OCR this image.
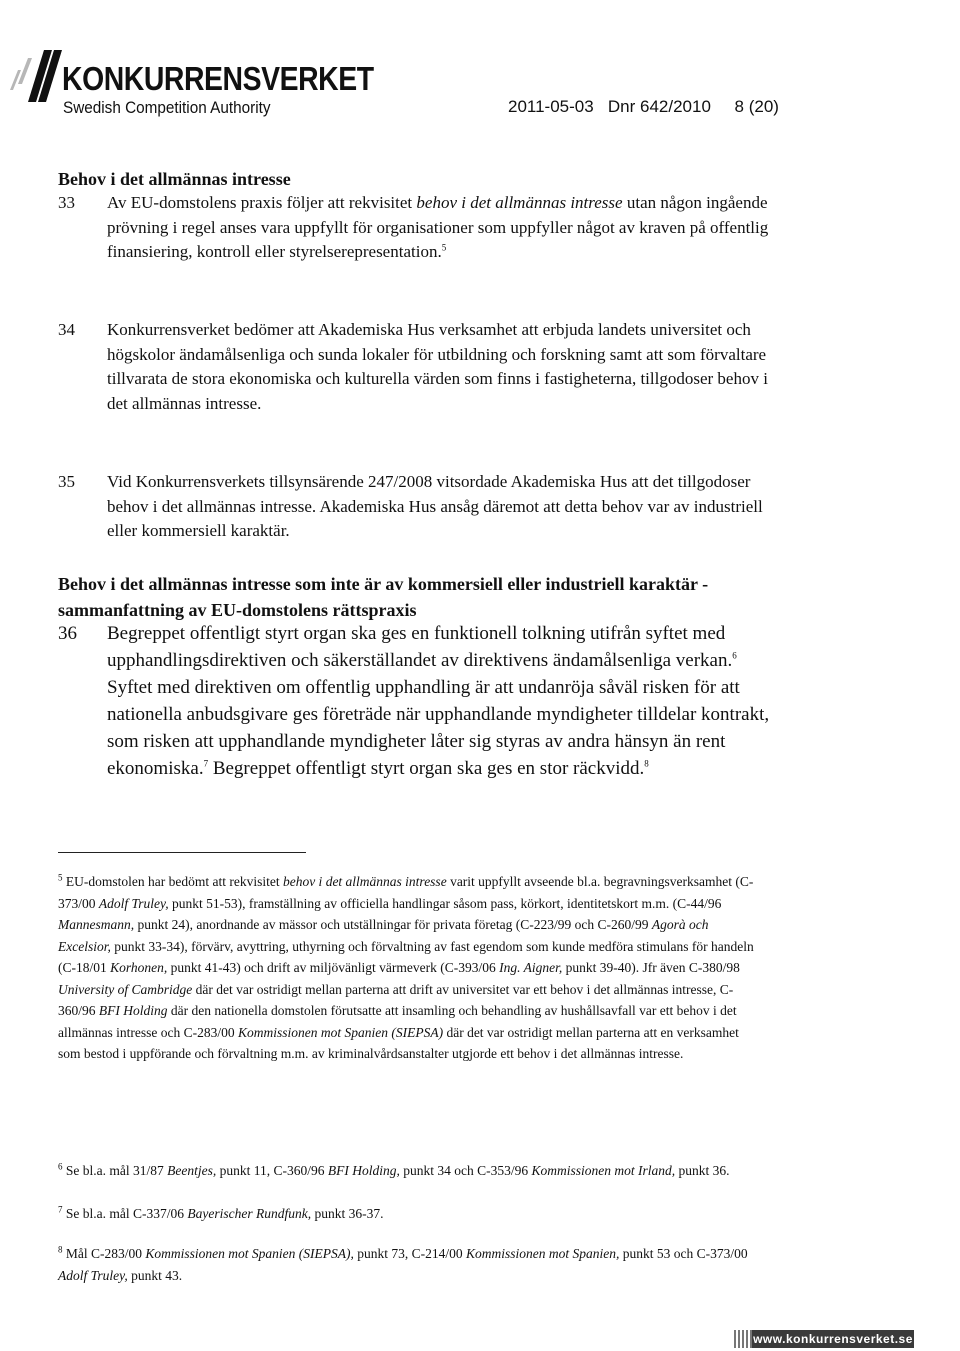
KONKURRENSVERKET
Swedish Competition Authority	2011-05-03 Dnr 642/2010 8 (20)
Behov i det allmännas intresse
33 Av EU-domstolens praxis följer att rekvisitet behov i det allmännas intresse utan någon ingående prövning i regel anses vara uppfyllt för organisationer som uppfyller något av kraven på offentlig finansiering, kontroll eller styrelserepresentation.$^5$
34 Konkurrensverket bedömer att Akademiska Hus verksamhet att erbjuda landets universitet och högskolor ändamålsenliga och sunda lokaler för utbildning och forskning samt att som förvaltare tillvarata de stora ekonomiska och kulturella värden som finns i fastigheterna, tillgodoser behov i det allmännas intresse.
35 Vid Konkurrensverkets tillsynsärende 247/2008 vitsordade Akademiska Hus att det tillgodoser behov i det allmännas intresse. Akademiska Hus ansåg däremot att detta behov var av industriell eller kommersiell karaktär.
Behov i det allmännas intresse som inte är av kommersiell eller industriell karaktär - sammanfattning av EU-domstolens rättspraxis
36 Begreppet offentligt styrt organ ska ges en funktionell tolkning utifrån syftet med upphandlingsdirektiven och säkerställandet av direktivens ändamålsenliga verkan.$^6$ Syftet med direktiven om offentlig upphandling är att undanröja såväl risken för att nationella anbudsgivare ges företräde när upphandlande myndigheter tilldelar kontrakt, som risken att upphandlande myndigheter låter sig styras av andra hänsyn än rent ekonomiska.$^7$ Begreppet offentligt styrt organ ska ges en stor räckvidd.$^8$

$^5$ EU-domstolen har bedömt att rekvisitet behov i det allmännas intresse varit uppfyllt avseende bl.a. begravningsverksamhet (C-373/00 Adolf Truley, punkt 51-53), framställning av officiella handlingar såsom pass, körkort, identitetskort m.m. (C-44/96 Mannesmann, punkt 24), anordnande av mässor och utställningar för privata företag (C-223/99 och C-260/99 Agorà och Excelsior, punkt 33-34), förvärv, avyttring, uthyrning och förvaltning av fast egendom som kunde medföra stimulans för handeln (C-18/01 Korhonen, punkt 41-43) och drift av miljövänligt värmeverk (C-393/06 Ing. Aigner, punkt 39-40). Jfr även C-380/98 University of Cambridge där det var ostridigt mellan parterna att drift av universitet var ett behov i det allmännas intresse, C-360/96 BFI Holding där den nationella domstolen förutsatte att insamling och behandling av hushållsavfall var ett behov i det allmännas intresse och C-283/00 Kommissionen mot Spanien (SIEPSA) där det var ostridigt mellan parterna att en verksamhet som bestod i uppförande och förvaltning m.m. av kriminalvårdsanstalter utgjorde ett behov i det allmännas intresse.

$^6$ Se bl.a. mål 31/87 Beentjes, punkt 11, C-360/96 BFI Holding, punkt 34 och C-353/96 Kommissionen mot Irland, punkt 36.

$^7$ Se bl.a. mål C-337/06 Bayerischer Rundfunk, punkt 36-37.

$^8$ Mål C-283/00 Kommissionen mot Spanien (SIEPSA), punkt 73, C-214/00 Kommissionen mot Spanien, punkt 53 och C-373/00 Adolf Truley, punkt 43.

www.konkurrensverket.se
